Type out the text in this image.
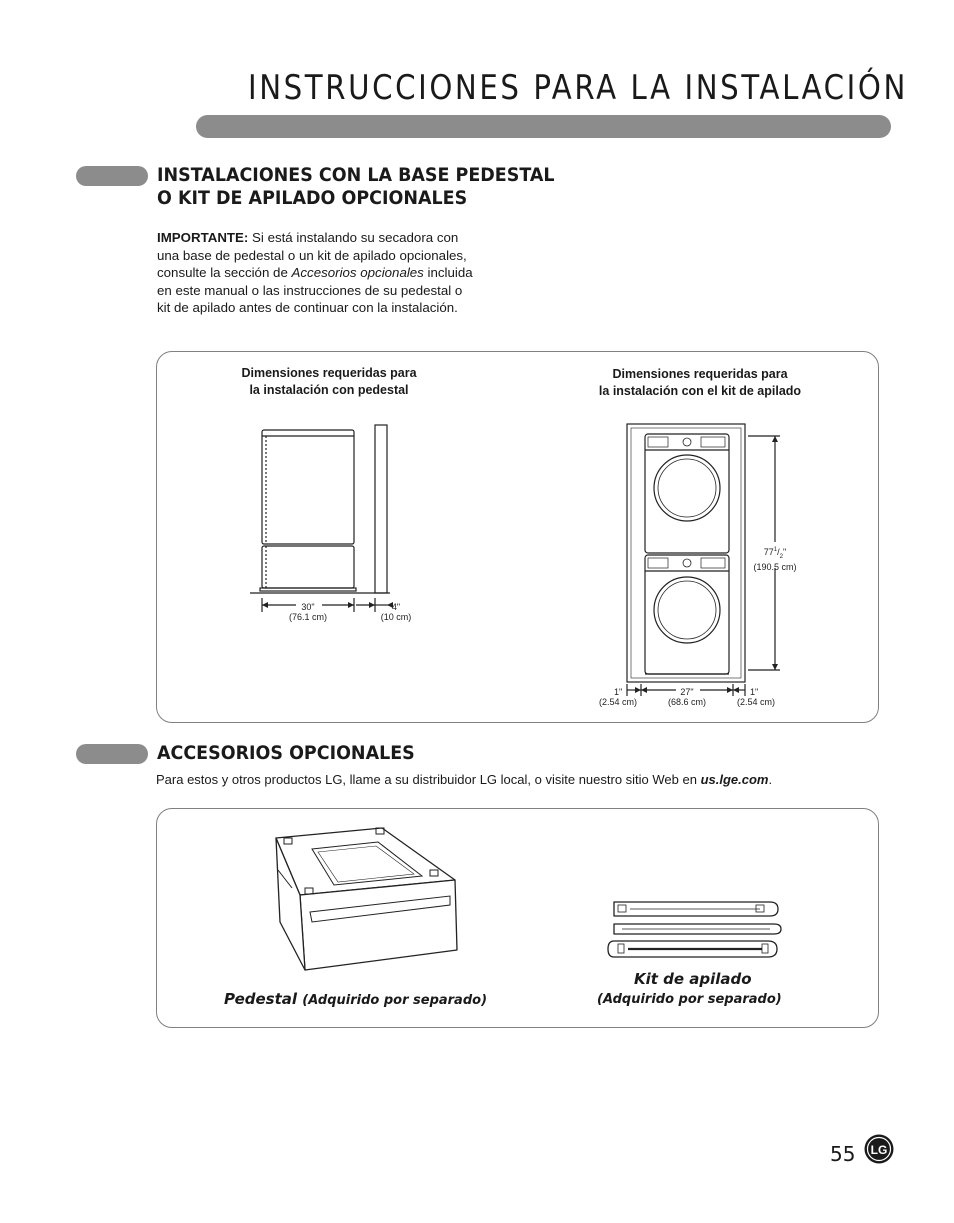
INSTRUCCIONES PARA LA INSTALACIÓN
INSTALACIONES CON LA BASE PEDESTAL
O KIT DE APILADO OPCIONALES
IMPORTANTE: Si está instalando su secadora con una base de pedestal o un kit de apilado opcionales, consulte la sección de Accesorios opcionales incluida en este manual o las instrucciones de su pedestal o kit de apilado antes de continuar con la instalación.
Dimensiones requeridas para
la instalación con pedestal
Dimensiones requeridas para
la instalación con el kit de apilado
30"
(76.1 cm)
4"
(10 cm)
$77^1/_2$"
(190.5 cm)
1"
(2.54 cm)
27"
(68.6 cm)
1"
(2.54 cm)
ACCESORIOS OPCIONALES
Para estos y otros productos LG, llame a su distribuidor LG local, o visite nuestro sitio Web en us.lge.com.
Pedestal (Adquirido por separado)
Kit de apilado
(Adquirido por separado)
55 LG
